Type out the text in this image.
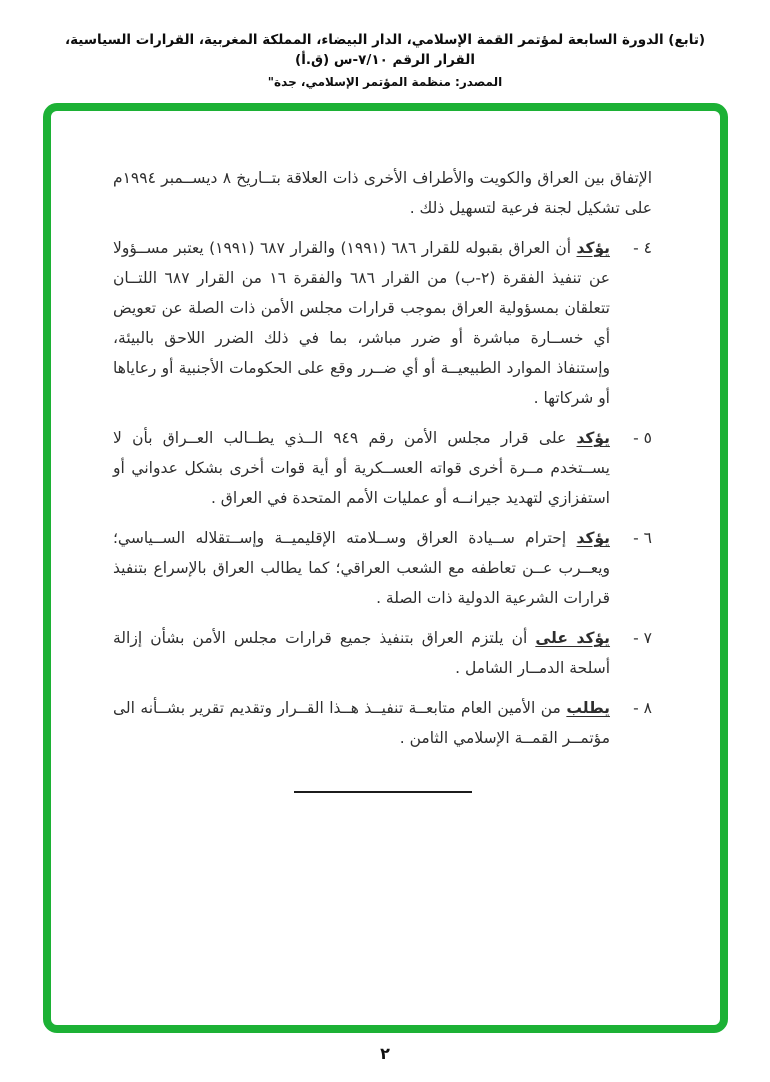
(تابع) الدورة السابعة لمؤتمر القمة الإسلامي، الدار البيضاء، المملكة المغربية، القرارات السياسية، القرار الرقم ٧/١٠-س (ق.أ)
المصدر: منظمة المؤتمر الإسلامي، جدة"

الإتفاق بين العراق والكويت والأطراف الأخرى ذات العلاقة بتــاريخ ٨ ديســمبر ١٩٩٤م على تشكيل لجنة فرعية لتسهيل ذلك .

٤ -

يؤكد أن العراق بقبوله للقرار ٦٨٦ (١٩٩١) والقرار ٦٨٧ (١٩٩١) يعتبر مســؤولا عن تنفيذ الفقرة (٢-ب) من القرار ٦٨٦ والفقرة ١٦ من القرار ٦٨٧ اللتــان تتعلقان بمسؤولية العراق بموجب قرارات مجلس الأمن ذات الصلة عن تعويض أي خســارة مباشرة أو ضرر مباشر، بما في ذلك الضرر اللاحق بالبيئة، وإستنفاذ الموارد الطبيعيــة أو أي ضــرر وقع على الحكومات الأجنبية أو رعاياها أو شركاتها .

٥ -

يؤكد على قرار مجلس الأمن رقم ٩٤٩ الــذي يطــالب العــراق بأن لا يســتخدم مــرة أخرى قواته العســكرية أو أية قوات أخرى بشكل عدواني أو استفزازي لتهديد جيرانــه أو عمليات الأمم المتحدة في العراق .

٦ -

يؤكد إحترام ســيادة العراق وســلامته الإقليميــة وإســتقلاله الســياسي؛ ويعــرب عــن تعاطفه مع الشعب العراقي؛ كما يطالب العراق بالإسراع بتنفيذ قرارات الشرعية الدولية ذات الصلة .

٧ -

يؤكد على أن يلتزم العراق بتنفيذ جميع قرارات مجلس الأمن بشأن إزالة أسلحة الدمــار الشامل .

٨ -

يطلب من الأمين العام متابعــة تنفيــذ هــذا القــرار وتقديم تقرير بشــأنه الى مؤتمــر القمــة الإسلامي الثامن .

٢
